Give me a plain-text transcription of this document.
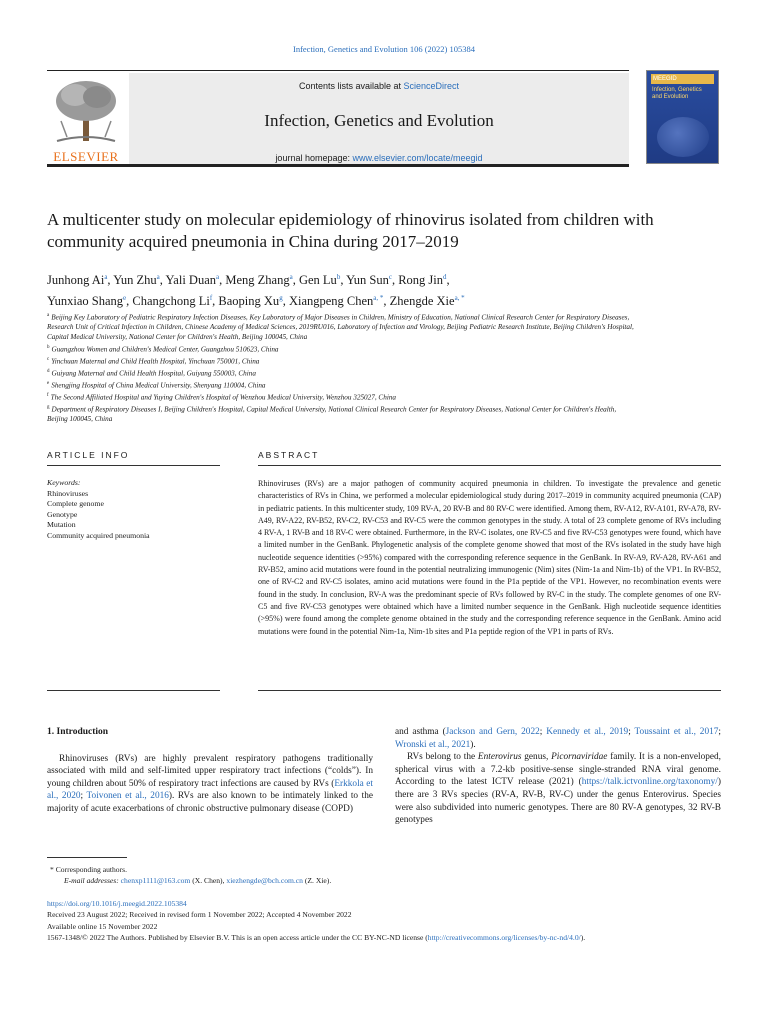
Infection, Genetics and Evolution 106 (2022) 105384
ELSEVIER
Contents lists available at ScienceDirect
Infection, Genetics and Evolution
journal homepage: www.elsevier.com/locate/meegid
MEEGID
Infection, Genetics and Evolution
A multicenter study on molecular epidemiology of rhinovirus isolated from children with community acquired pneumonia in China during 2017–2019
Junhong Ai$^a$, Yun Zhu$^a$, Yali Duan$^a$, Meng Zhang$^a$, Gen Lu$^b$, Yun Sun$^c$, Rong Jin$^d$,
Yunxiao Shang$^e$, Changchong Li$^f$, Baoping Xu$^g$, Xiangpeng Chen$^{a, *}$, Zhengde Xie$^{a, *}$
$^a$ Beijing Key Laboratory of Pediatric Respiratory Infection Diseases, Key Laboratory of Major Diseases in Children, Ministry of Education, National Clinical Research Center for Respiratory Diseases, Research Unit of Critical Infection in Children, Chinese Academy of Medical Sciences, 2019RU016, Laboratory of Infection and Virology, Beijing Pediatric Research Institute, Beijing Children's Hospital, Capital Medical University, National Center for Children's Health, Beijing 100045, China
$^b$ Guangzhou Women and Children's Medical Center, Guangzhou 510623, China
$^c$ Yinchuan Maternal and Child Health Hospital, Yinchuan 750001, China
$^d$ Guiyang Maternal and Child Health Hospital, Guiyang 550003, China
$^e$ Shengjing Hospital of China Medical University, Shenyang 110004, China
$^f$ The Second Affiliated Hospital and Yuying Children's Hospital of Wenzhou Medical University, Wenzhou 325027, China
$^g$ Department of Respiratory Diseases I, Beijing Children's Hospital, Capital Medical University, National Clinical Research Center for Respiratory Diseases, National Center for Children's Health, Beijing 100045, China
ARTICLE INFO
Keywords:
Rhinoviruses
Complete genome
Genotype
Mutation
Community acquired pneumonia
ABSTRACT
Rhinoviruses (RVs) are a major pathogen of community acquired pneumonia in children. To investigate the prevalence and genetic characteristics of RVs in China, we performed a molecular epidemiological study during 2017–2019 in community acquired pneumonia (CAP) in pediatric patients. In this multicenter study, 109 RV-A, 20 RV-B and 80 RV-C were identified. Among them, RV-A12, RV-A101, RV-A78, RV-A49, RV-A22, RV-B52, RV-C2, RV-C53 and RV-C5 were the common genotypes in the study. A total of 23 complete genome of RVs including 4 RV-A, 1 RV-B and 18 RV-C were obtained. Furthermore, in the RV-C isolates, one RV-C5 and five RV-C53 genotypes were found, which have a limited number in the GenBank. Phylogenetic analysis of the complete genome showed that most of the RVs isolated in the study have high nucleotide sequence identities (>95%) compared with the corresponding reference sequence in the GenBank. In RV-A9, RV-A28, RV-A61 and RV-B52, amino acid mutations were found in the potential neutralizing immunogenic (Nim) sites (Nim-1a and Nim-1b) of the VP1. In RV-B52, one of RV-C2 and RV-C5 isolates, amino acid mutations were found in the P1a peptide of the VP1. However, no recombination events were found in the study. In conclusion, RV-A was the predominant specie of RVs followed by RV-C in the study. The complete genomes of one RV-C5 and five RV-C53 genotypes were obtained which have a limited number sequence in the GenBank. High nucleotide sequence identities (>95%) were found among the complete genome obtained in the study and the corresponding reference sequence in the GenBank. Amino acid mutations were found in the potential Nim-1a, Nim-1b sites and P1a peptide region of the VP1 in parts of RVs.
1. Introduction

Rhinoviruses (RVs) are highly prevalent respiratory pathogens traditionally associated with mild and self-limited upper respiratory tract infections (“colds”). In young children about 50% of respiratory tract infections are caused by RVs (Erkkola et al., 2020; Toivonen et al., 2016). RVs are also known to be intimately linked to the majority of acute exacerbations of chronic obstructive pulmonary disease (COPD)

and asthma (Jackson and Gern, 2022; Kennedy et al., 2019; Toussaint et al., 2017; Wronski et al., 2021).

RVs belong to the Enterovirus genus, Picornaviridae family. It is a non-enveloped, spherical virus with a 7.2-kb positive-sense single-stranded RNA viral genome. According to the latest ICTV release (2021) (https://talk.ictvonline.org/taxonomy/) there are 3 RVs species (RV-A, RV-B, RV-C) under the genus Enterovirus. Species were also subdivided into numeric genotypes. There are 80 RV-A genotypes, 32 RV-B genotypes

* Corresponding authors.
E-mail addresses: chenxp1111@163.com (X. Chen), xiezhengde@bch.com.cn (Z. Xie).
https://doi.org/10.1016/j.meegid.2022.105384
Received 23 August 2022; Received in revised form 1 November 2022; Accepted 4 November 2022
Available online 15 November 2022
1567-1348/© 2022 The Authors. Published by Elsevier B.V. This is an open access article under the CC BY-NC-ND license (http://creativecommons.org/licenses/by-nc-nd/4.0/).
